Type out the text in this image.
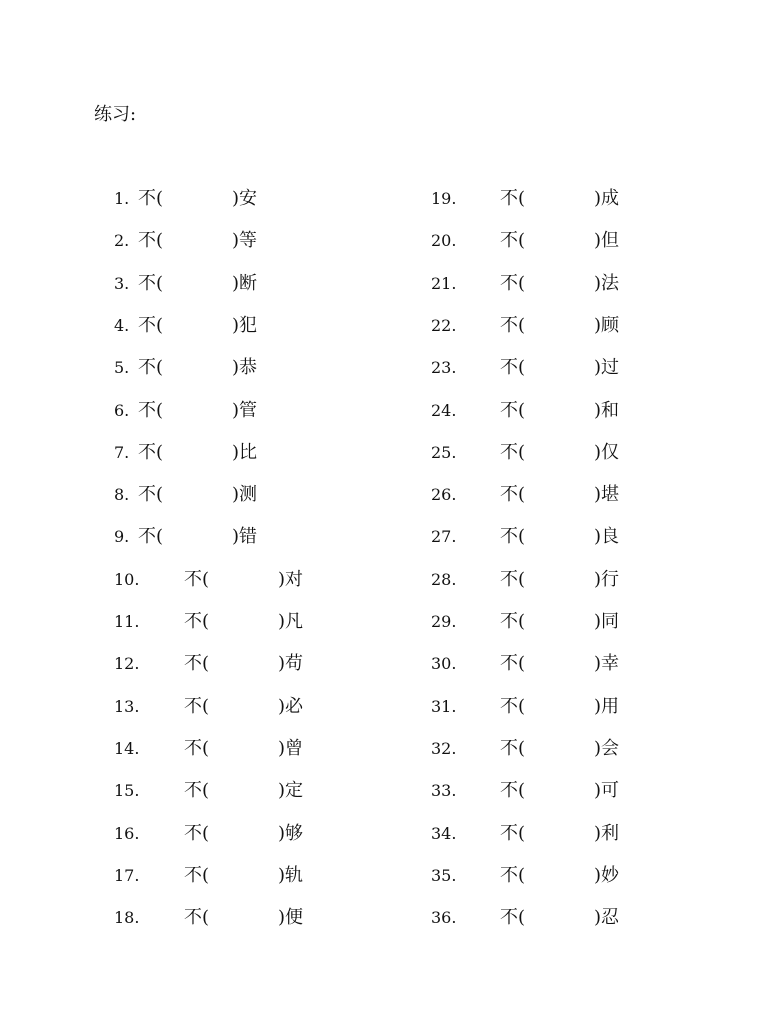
练习:
1. 不(	)安
2. 不(	)等
3. 不(	)断
4. 不(	)犯
5. 不(	)恭
6. 不(	)管
7. 不(	)比
8. 不(	)测
9. 不(	)错
10. 不(	)对
11. 不(	)凡
12. 不(	)苟
13. 不(	)必
14. 不(	)曾
15. 不(	)定
16. 不(	)够
17. 不(	)轨
18. 不(	)便
19. 不(	)成
20. 不(	)但
21. 不(	)法
22. 不(	)顾
23. 不(	)过
24. 不(	)和
25. 不(	)仅
26. 不(	)堪
27. 不(	)良
28. 不(	)行
29. 不(	)同
30. 不(	)幸
31. 不(	)用
32. 不(	)会
33. 不(	)可
34. 不(	)利
35. 不(	)妙
36. 不(	)忍
